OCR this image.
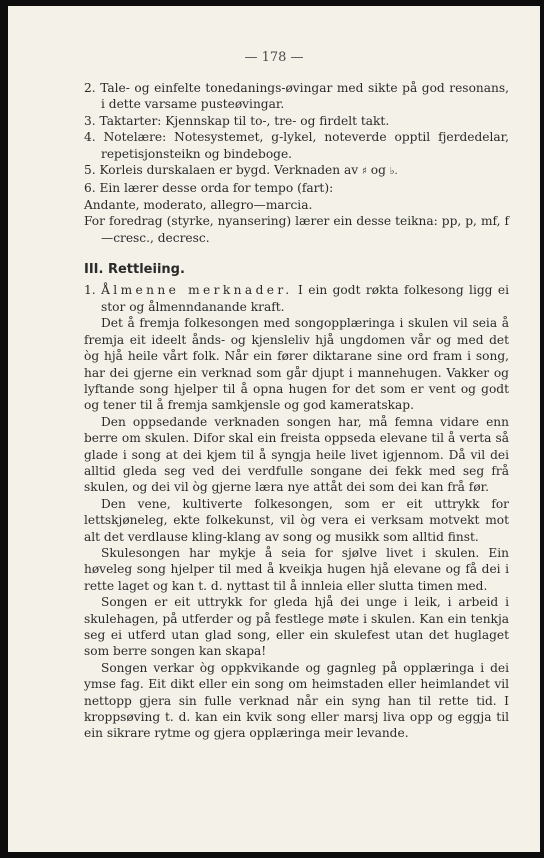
— 178 —
2. Tale- og einfelte tonedanings-øvingar med sikte på god resonans, i dette varsame pusteøvingar.
3. Taktarter: Kjennskap til to-, tre- og firdelt takt.
4. Notelære: Notesystemet, g-lykel, noteverde opptil fjerdedelar, repetisjonsteikn og bindeboge.
5. Korleis durskalaen er bygd. Verknaden av ♯ og ♭.
6. Ein lærer desse orda for tempo (fart):
Andante, moderato, allegro—marcia.
For foredrag (styrke, nyansering) lærer ein desse teikna: pp, p, mf, f—cresc., decresc.
III. Rettleiing.
1. Ålmenne merknader. I ein godt røkta folkesong ligg ei stor og ålmenndanande kraft.
Det å fremja folkesongen med songopplæringa i skulen vil seia å fremja eit ideelt ånds- og kjensleliv hjå ungdomen vår og med det òg hjå heile vårt folk. Når ein fører diktarane sine ord fram i song, har dei gjerne ein verknad som går djupt i mannehugen. Vakker og lyftande song hjelper til å opna hugen for det som er vent og godt og tener til å fremja samkjensle og god kameratskap.
Den oppsedande verknaden songen har, må femna vidare enn berre om skulen. Difor skal ein freista oppseda elevane til å verta så glade i song at dei kjem til å syngja heile livet igjennom. Då vil dei alltid gleda seg ved dei verdfulle songane dei fekk med seg frå skulen, og dei vil òg gjerne læra nye attåt dei som dei kan frå før.
Den vene, kultiverte folkesongen, som er eit uttrykk for lettskjøneleg, ekte folkekunst, vil òg vera ei verksam motvekt mot alt det verdlause kling-klang av song og musikk som alltid finst.
Skulesongen har mykje å seia for sjølve livet i skulen. Ein høveleg song hjelper til med å kveikja hugen hjå elevane og få dei i rette laget og kan t. d. nyttast til å innleia eller slutta timen med.
Songen er eit uttrykk for gleda hjå dei unge i leik, i arbeid i skulehagen, på utferder og på festlege møte i skulen. Kan ein tenkja seg ei utferd utan glad song, eller ein skulefest utan det huglaget som berre songen kan skapa!
Songen verkar òg oppkvikande og gagnleg på opplæringa i dei ymse fag. Eit dikt eller ein song om heimstaden eller heimlandet vil nettopp gjera sin fulle verknad når ein syng han til rette tid. I kroppsøving t. d. kan ein kvik song eller marsj liva opp og eggja til ein sikrare rytme og gjera opplæringa meir levande.
